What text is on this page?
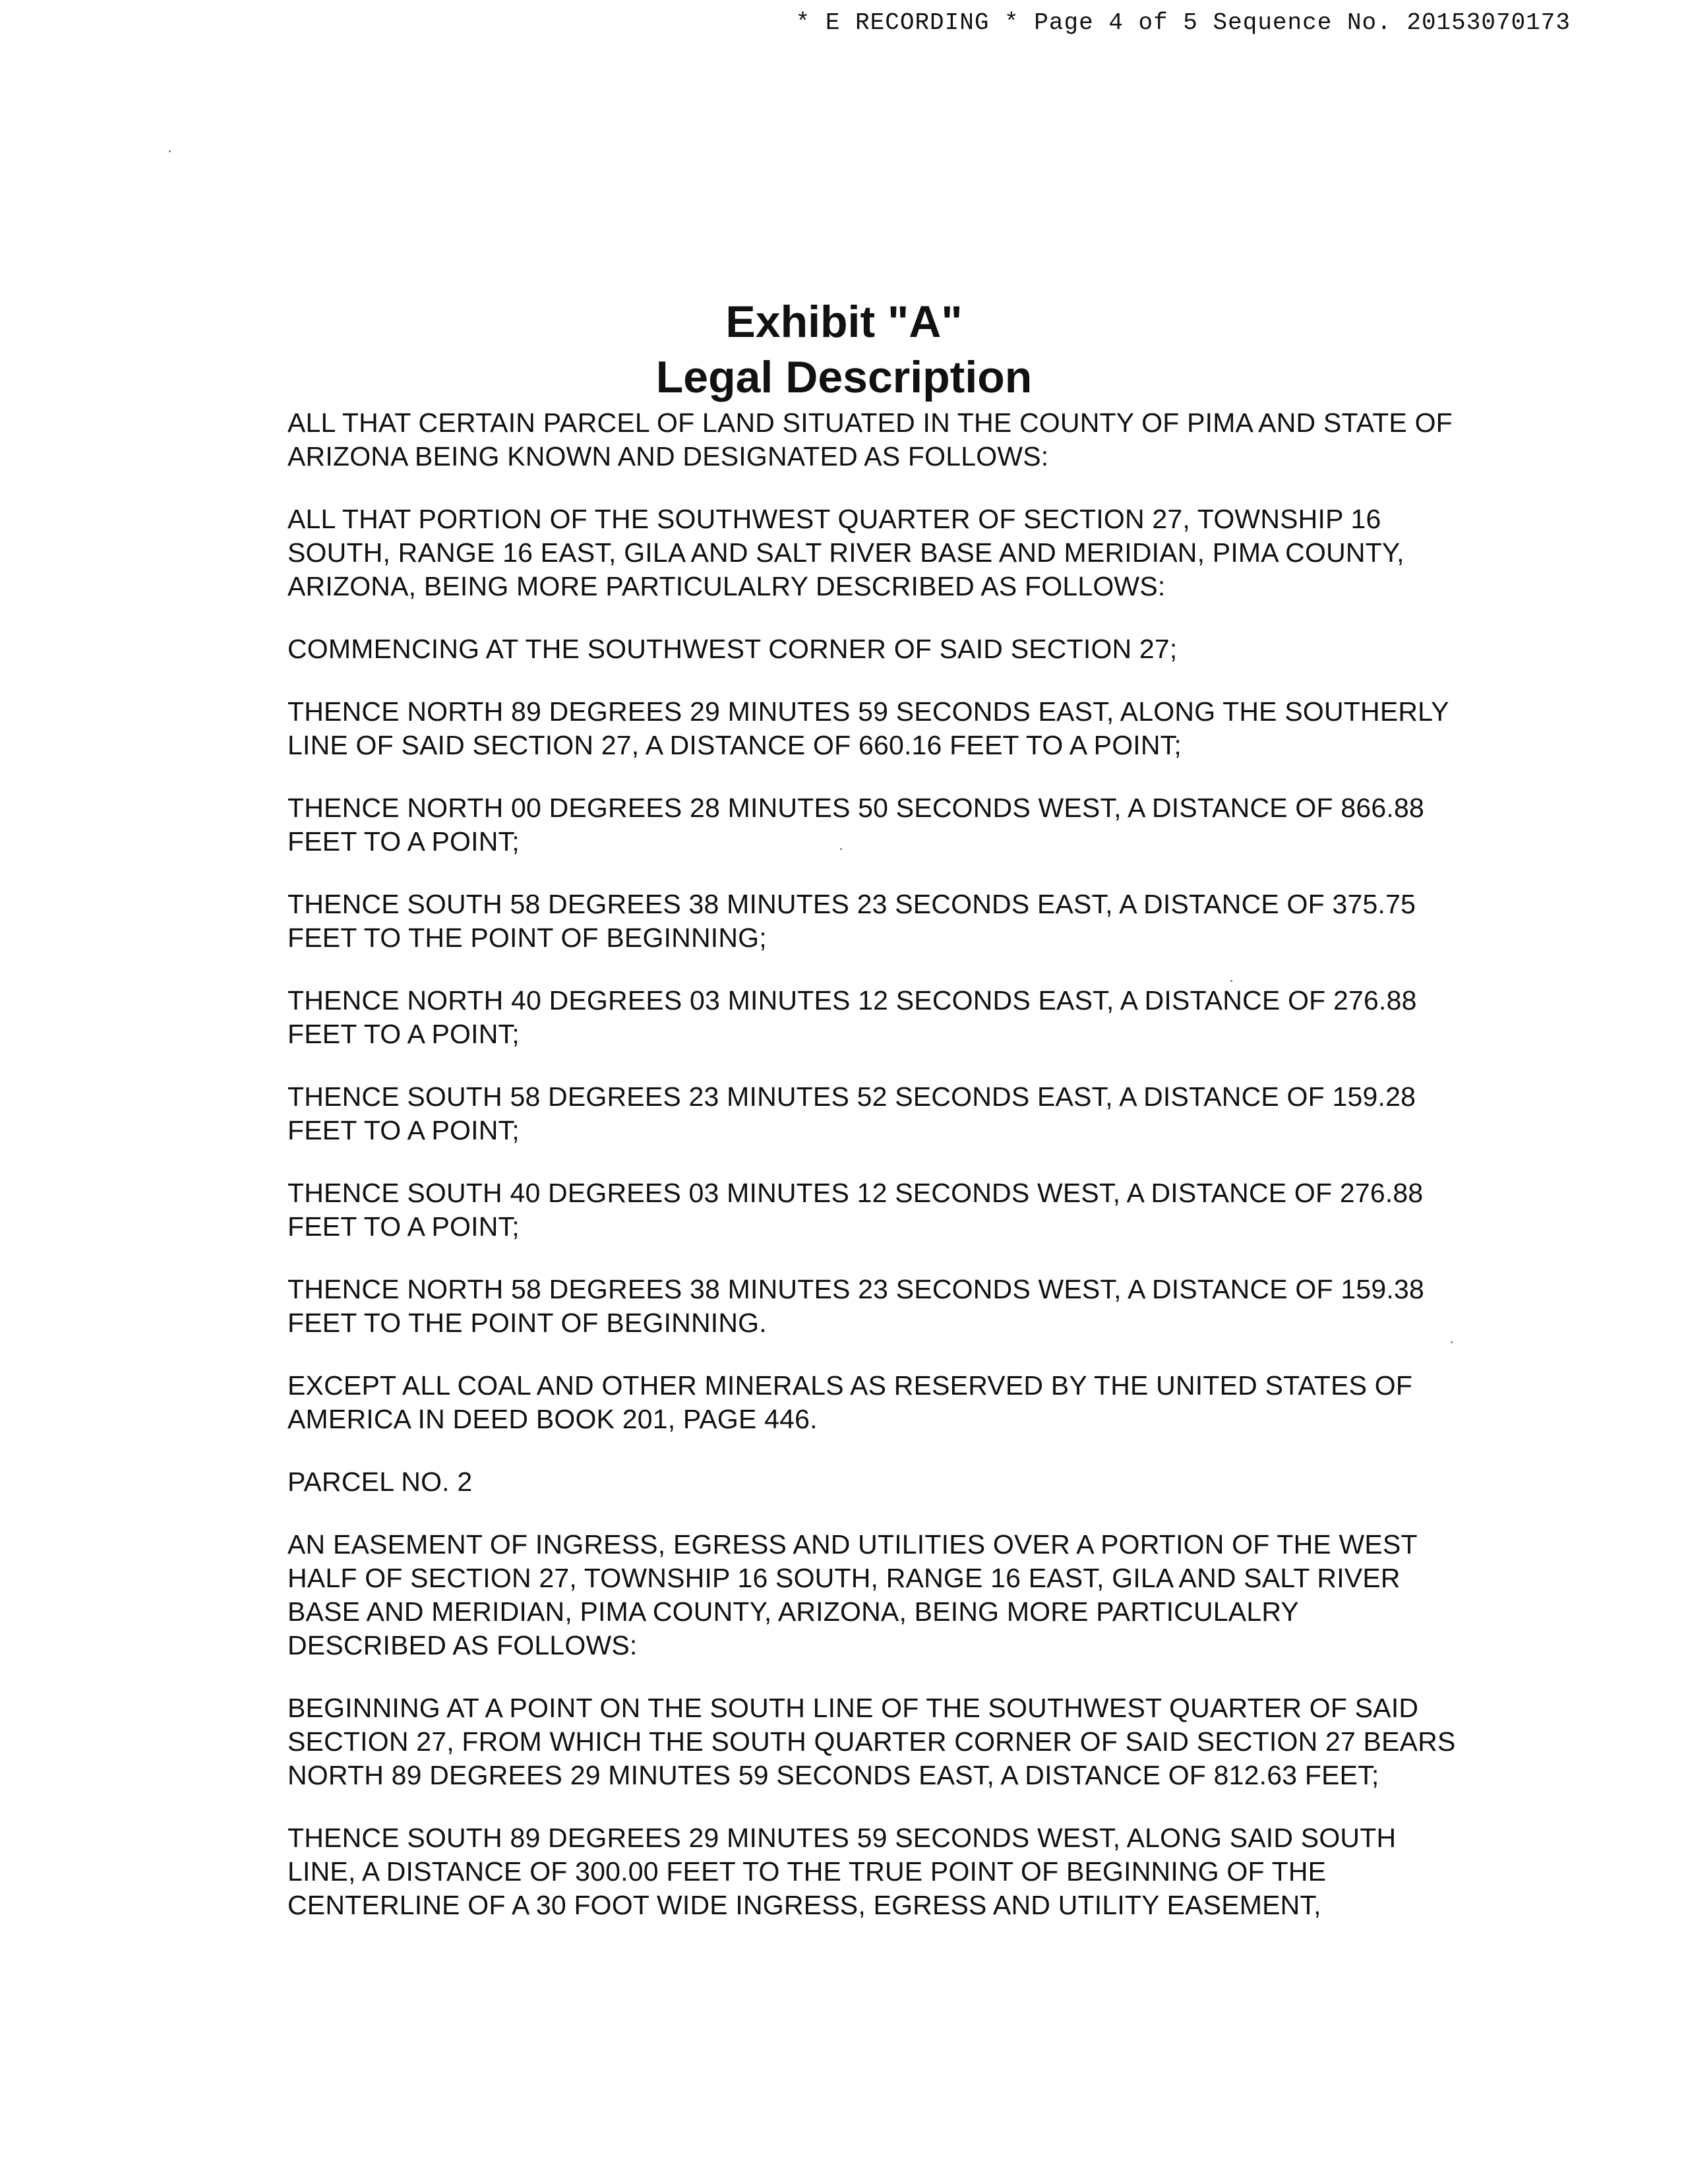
* E RECORDING * Page 4 of 5 Sequence No. 20153070173

Exhibit "A"

Legal Description

ALL THAT CERTAIN PARCEL OF LAND SITUATED IN THE COUNTY OF PIMA AND STATE OF ARIZONA BEING KNOWN AND DESIGNATED AS FOLLOWS:

ALL THAT PORTION OF THE SOUTHWEST QUARTER OF SECTION 27, TOWNSHIP 16 SOUTH, RANGE 16 EAST, GILA AND SALT RIVER BASE AND MERIDIAN, PIMA COUNTY, ARIZONA, BEING MORE PARTICULALRY DESCRIBED AS FOLLOWS:

COMMENCING AT THE SOUTHWEST CORNER OF SAID SECTION 27;

THENCE NORTH 89 DEGREES 29 MINUTES 59 SECONDS EAST, ALONG THE SOUTHERLY LINE OF SAID SECTION 27, A DISTANCE OF 660.16 FEET TO A POINT;

THENCE NORTH 00 DEGREES 28 MINUTES 50 SECONDS WEST, A DISTANCE OF 866.88 FEET TO A POINT;

THENCE SOUTH 58 DEGREES 38 MINUTES 23 SECONDS EAST, A DISTANCE OF 375.75 FEET TO THE POINT OF BEGINNING;

THENCE NORTH 40 DEGREES 03 MINUTES 12 SECONDS EAST, A DISTANCE OF 276.88 FEET TO A POINT;

THENCE SOUTH 58 DEGREES 23 MINUTES 52 SECONDS EAST, A DISTANCE OF 159.28 FEET TO A POINT;

THENCE SOUTH 40 DEGREES 03 MINUTES 12 SECONDS WEST, A DISTANCE OF 276.88 FEET TO A POINT;

THENCE NORTH 58 DEGREES 38 MINUTES 23 SECONDS WEST, A DISTANCE OF 159.38 FEET TO THE POINT OF BEGINNING.

EXCEPT ALL COAL AND OTHER MINERALS AS RESERVED BY THE UNITED STATES OF AMERICA IN DEED BOOK 201, PAGE 446.

PARCEL NO. 2

AN EASEMENT OF INGRESS, EGRESS AND UTILITIES OVER A PORTION OF THE WEST HALF OF SECTION 27, TOWNSHIP 16 SOUTH, RANGE 16 EAST, GILA AND SALT RIVER BASE AND MERIDIAN, PIMA COUNTY, ARIZONA, BEING MORE PARTICULALRY DESCRIBED AS FOLLOWS:

BEGINNING AT A POINT ON THE SOUTH LINE OF THE SOUTHWEST QUARTER OF SAID SECTION 27, FROM WHICH THE SOUTH QUARTER CORNER OF SAID SECTION 27 BEARS NORTH 89 DEGREES 29 MINUTES 59 SECONDS EAST, A DISTANCE OF 812.63 FEET;

THENCE SOUTH 89 DEGREES 29 MINUTES 59 SECONDS WEST, ALONG SAID SOUTH LINE, A DISTANCE OF 300.00 FEET TO THE TRUE POINT OF BEGINNING OF THE CENTERLINE OF A 30 FOOT WIDE INGRESS, EGRESS AND UTILITY EASEMENT,
